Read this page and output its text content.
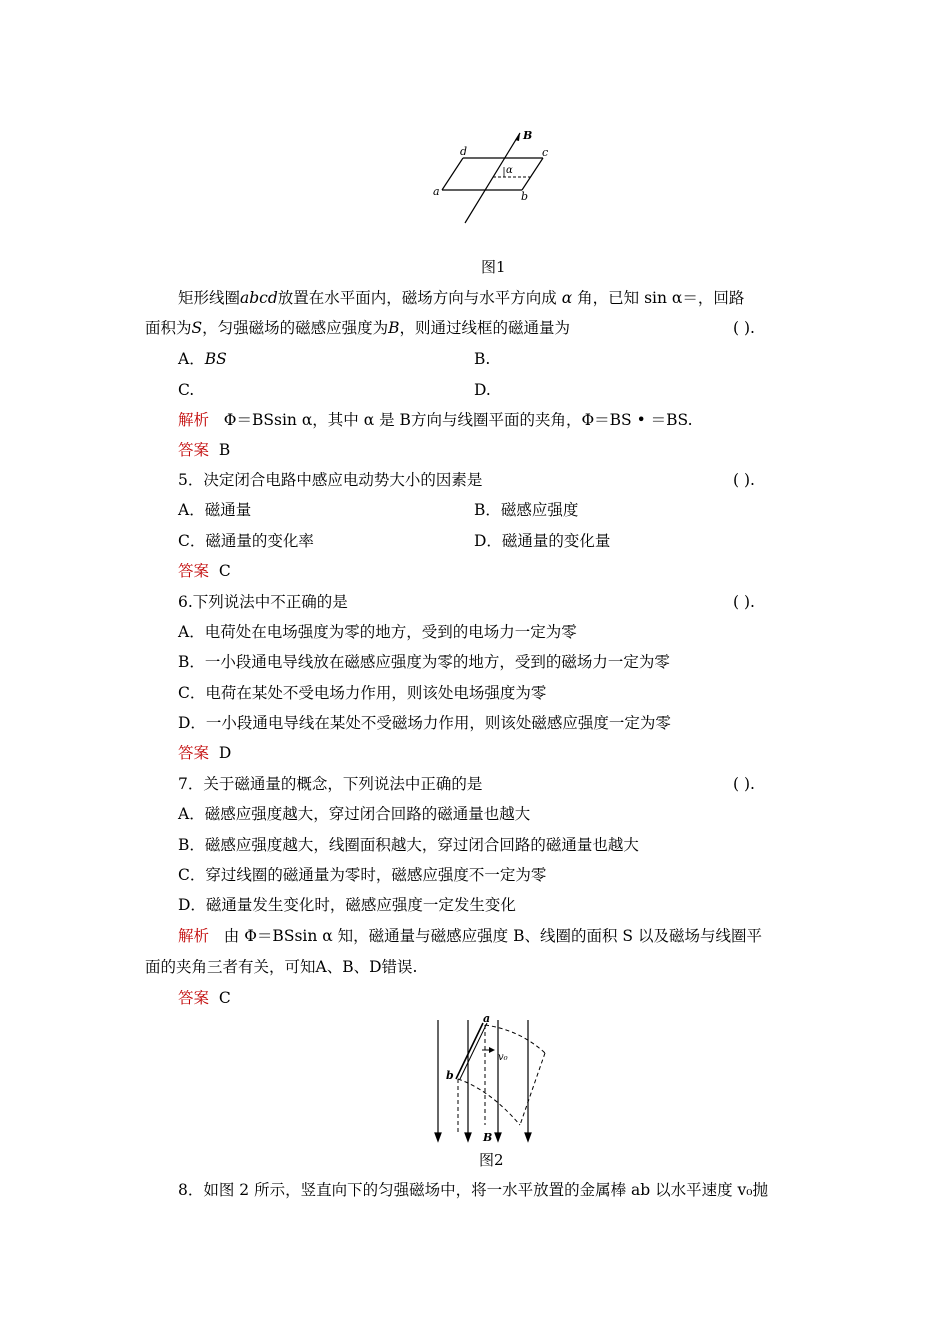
d	c
a	b
B
α
图1
矩形线圈abcd放置在水平面内，磁场方向与水平方向成 α 角，已知 sin α＝，回路
面积为S，匀强磁场的磁感应强度为B，则通过线框的磁通量为	( ).
A．BS	B.
C.	D.
解析 Φ＝BSsin α，其中 α 是 B方向与线圈平面的夹角，Φ＝BS • ＝BS.
答案 B
5．决定闭合电路中感应电动势大小的因素是	( ).
A．磁通量	B．磁感应强度
C．磁通量的变化率	D．磁通量的变化量
答案 C
6.下列说法中不正确的是	( ).
A．电荷处在电场强度为零的地方，受到的电场力一定为零
B．一小段通电导线放在磁感应强度为零的地方，受到的磁场力一定为零
C．电荷在某处不受电场力作用，则该处电场强度为零
D．一小段通电导线在某处不受磁场力作用，则该处磁感应强度一定为零
答案 D
7．关于磁通量的概念，下列说法中正确的是	( ).
A．磁感应强度越大，穿过闭合回路的磁通量也越大
B．磁感应强度越大，线圈面积越大，穿过闭合回路的磁通量也越大
C．穿过线圈的磁通量为零时，磁感应强度不一定为零
D．磁通量发生变化时，磁感应强度一定发生变化
解析 由 Φ＝BSsin α 知，磁通量与磁感应强度 B、线圈的面积 S 以及磁场与线圈平
面的夹角三者有关，可知A、B、D错误.
答案 C
a
b
v₀
B
图2
8．如图 2 所示，竖直向下的匀强磁场中，将一水平放置的金属棒 ab 以水平速度 v₀抛
